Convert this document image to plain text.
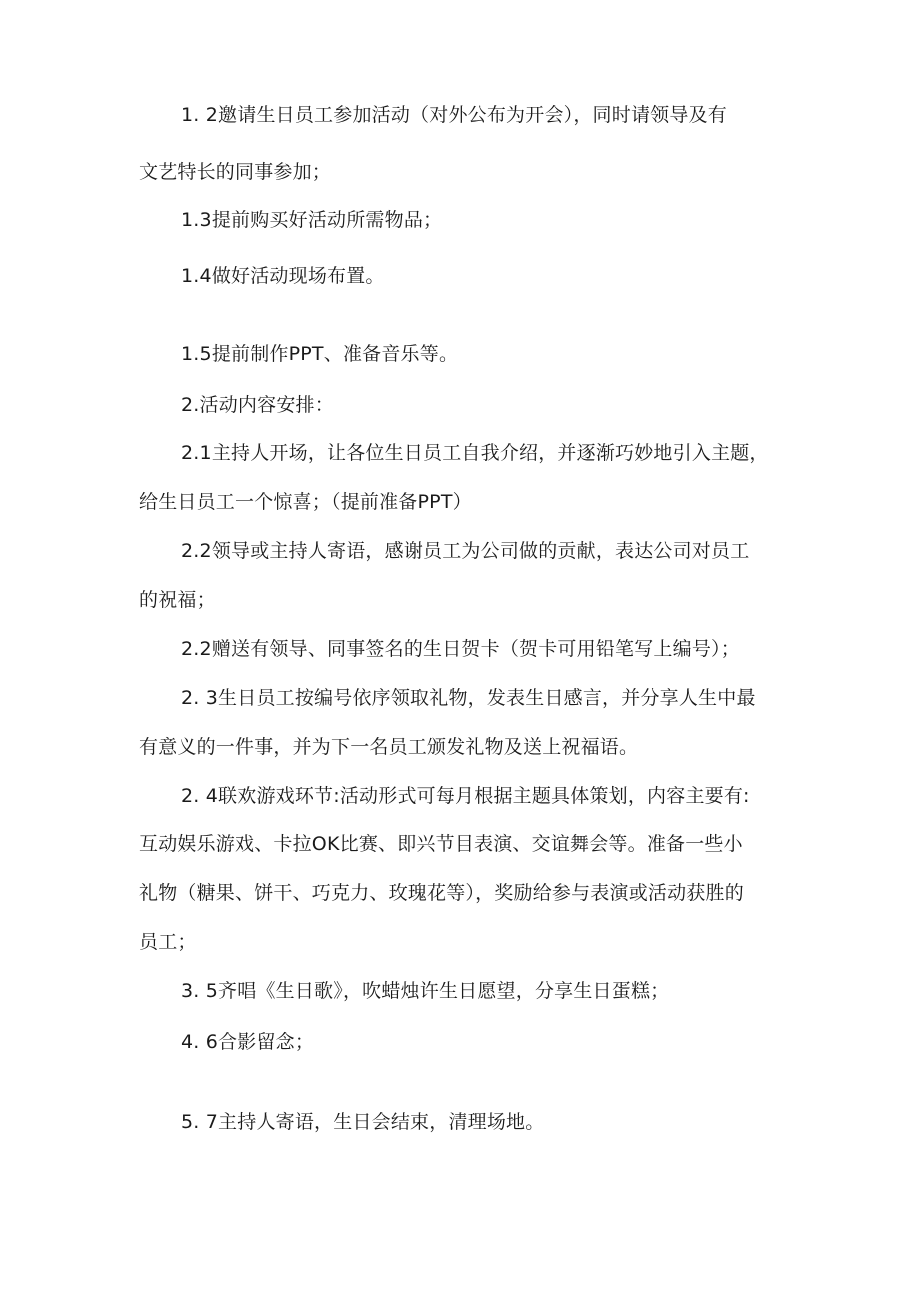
1. 2邀请生日员工参加活动（对外公布为开会），同时请领导及有
文艺特长的同事参加；
1.3提前购买好活动所需物品；
1.4做好活动现场布置。
1.5提前制作PPT、准备音乐等。
2.活动内容安排：
2.1主持人开场，让各位生日员工自我介绍，并逐渐巧妙地引入主题，
给生日员工一个惊喜；（提前准备PPT）
2.2领导或主持人寄语，感谢员工为公司做的贡献，表达公司对员工
的祝福；
2.2赠送有领导、同事签名的生日贺卡（贺卡可用铅笔写上编号）；
2. 3生日员工按编号依序领取礼物，发表生日感言，并分享人生中最
有意义的一件事，并为下一名员工颁发礼物及送上祝福语。
2. 4联欢游戏环节:活动形式可每月根据主题具体策划，内容主要有:
互动娱乐游戏、卡拉OK比赛、即兴节目表演、交谊舞会等。准备一些小
礼物（糖果、饼干、巧克力、玫瑰花等），奖励给参与表演或活动获胜的
员工；
3. 5齐唱《生日歌》，吹蜡烛许生日愿望，分享生日蛋糕；
4. 6合影留念；
5. 7主持人寄语，生日会结束，清理场地。
